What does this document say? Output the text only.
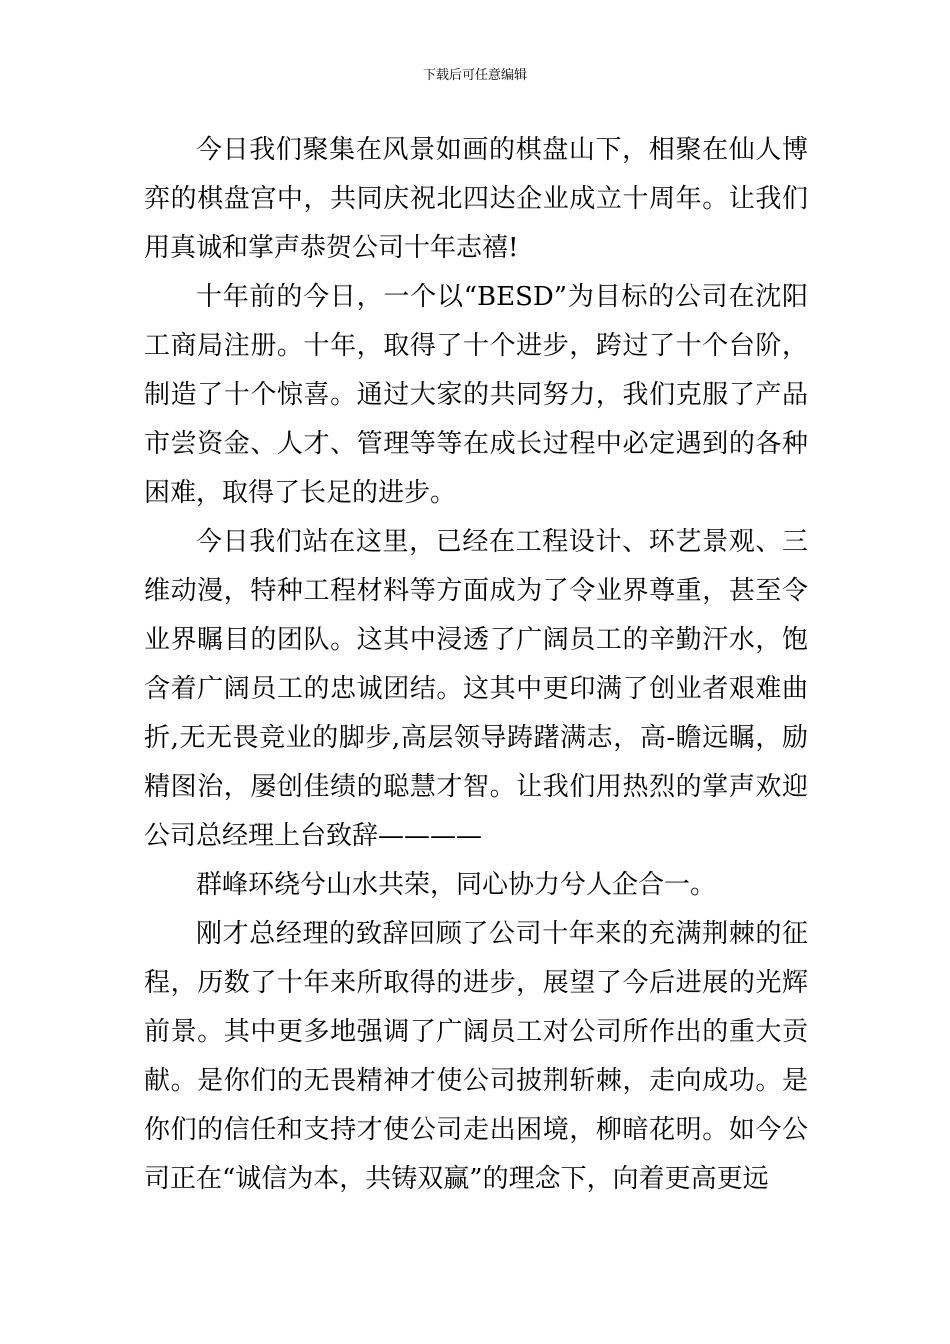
下载后可任意编辑

今日我们聚集在风景如画的棋盘山下，相聚在仙人博弈的棋盘宫中，共同庆祝北四达企业成立十周年。让我们用真诚和掌声恭贺公司十年志禧!

十年前的今日，一个以“BESD”为目标的公司在沈阳工商局注册。十年，取得了十个进步，跨过了十个台阶，制造了十个惊喜。通过大家的共同努力，我们克服了产品市尝资金、人才、管理等等在成长过程中必定遇到的各种困难，取得了长足的进步。

今日我们站在这里，已经在工程设计、环艺景观、三维动漫，特种工程材料等方面成为了令业界尊重，甚至令业界瞩目的团队。这其中浸透了广阔员工的辛勤汗水，饱含着广阔员工的忠诚团结。这其中更印满了创业者艰难曲折,无无畏竞业的脚步,高层领导踌躇满志，高-瞻远瞩，励精图治，屡创佳绩的聪慧才智。让我们用热烈的掌声欢迎公司总经理上台致辞————

群峰环绕兮山水共荣，同心协力兮人企合一。

刚才总经理的致辞回顾了公司十年来的充满荆棘的征程，历数了十年来所取得的进步，展望了今后进展的光辉前景。其中更多地强调了广阔员工对公司所作出的重大贡献。是你们的无畏精神才使公司披荆斩棘，走向成功。是你们的信任和支持才使公司走出困境，柳暗花明。如今公司正在“诚信为本，共铸双赢”的理念下，向着更高更远
